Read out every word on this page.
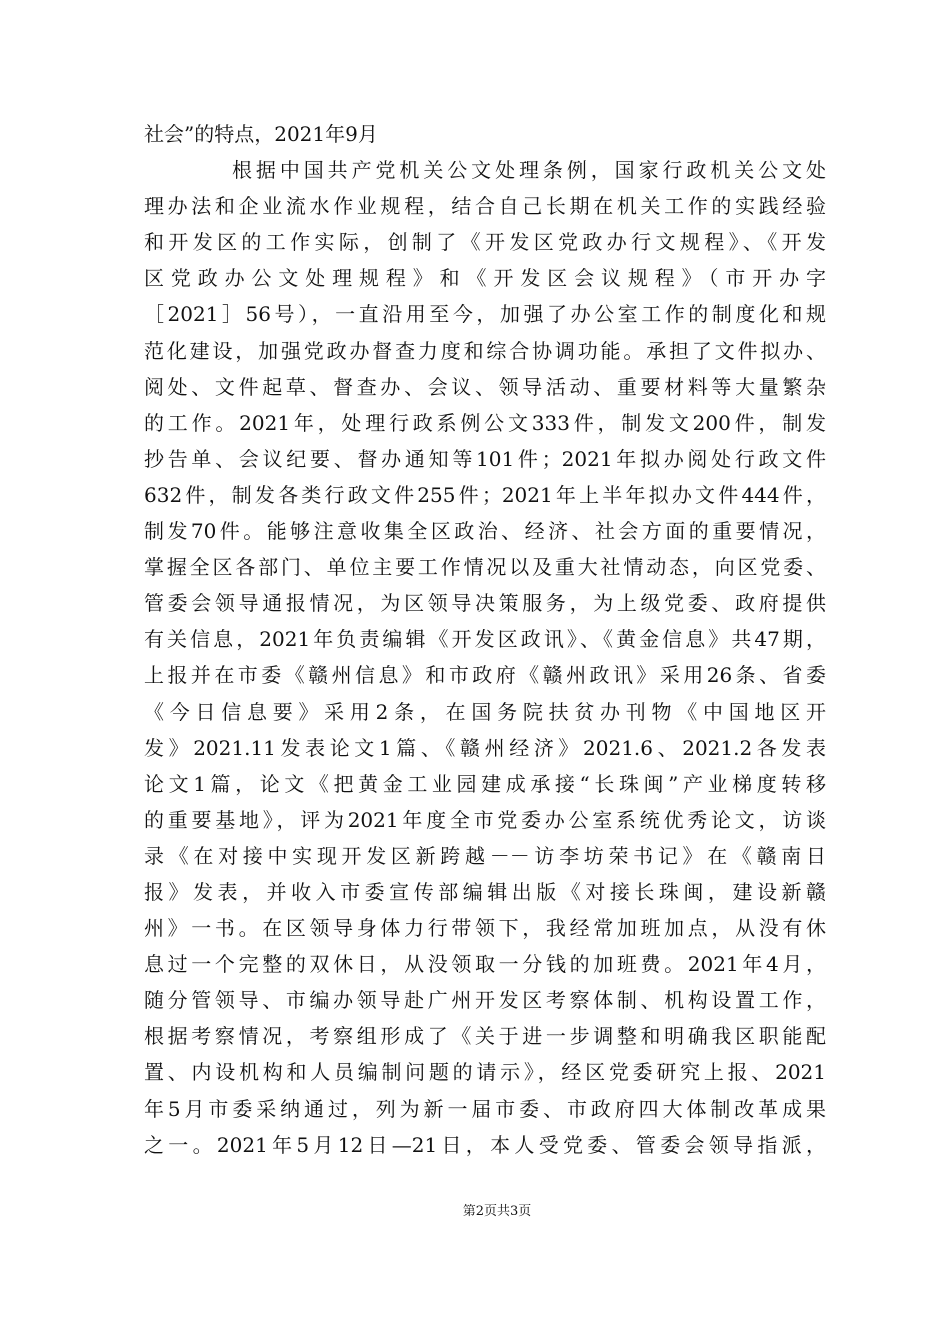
社会”的特点，2021年9月
根据中国共产党机关公文处理条例，国家行政机关公文处
理办法和企业流水作业规程，结合自己长期在机关工作的实践经验
和开发区的工作实际，创制了《开发区党政办行文规程》、《开发
区党政办公文处理规程》和《开发区会议规程》（市开办字
［2021］56号），一直沿用至今，加强了办公室工作的制度化和规
范化建设，加强党政办督查力度和综合协调功能。承担了文件拟办、
阅处、文件起草、督查办、会议、领导活动、重要材料等大量繁杂
的工作。2021年，处理行政系例公文333件，制发文200件，制发
抄告单、会议纪要、督办通知等101件；2021年拟办阅处行政文件
632件，制发各类行政文件255件；2021年上半年拟办文件444件，
制发70件。能够注意收集全区政治、经济、社会方面的重要情况，
掌握全区各部门、单位主要工作情况以及重大社情动态，向区党委、
管委会领导通报情况，为区领导决策服务，为上级党委、政府提供
有关信息，2021年负责编辑《开发区政讯》、《黄金信息》共47期，
上报并在市委《赣州信息》和市政府《赣州政讯》采用26条、省委
《今日信息要》采用2条，在国务院扶贫办刊物《中国地区开
发》2021.11发表论文1篇、《赣州经济》2021.6、2021.2各发表
论文1篇，论文《把黄金工业园建成承接“长珠闽”产业梯度转移
的重要基地》，评为2021年度全市党委办公室系统优秀论文，访谈
录《在对接中实现开发区新跨越－－访李坊荣书记》在《赣南日
报》发表，并收入市委宣传部编辑出版《对接长珠闽，建设新赣
州》一书。在区领导身体力行带领下，我经常加班加点，从没有休
息过一个完整的双休日，从没领取一分钱的加班费。2021年4月，
随分管领导、市编办领导赴广州开发区考察体制、机构设置工作，
根据考察情况，考察组形成了《关于进一步调整和明确我区职能配
置、内设机构和人员编制问题的请示》，经区党委研究上报、2021
年5月市委采纳通过，列为新一届市委、市政府四大体制改革成果
之一。2021年5月12日—21日，本人受党委、管委会领导指派，
第2页共3页
